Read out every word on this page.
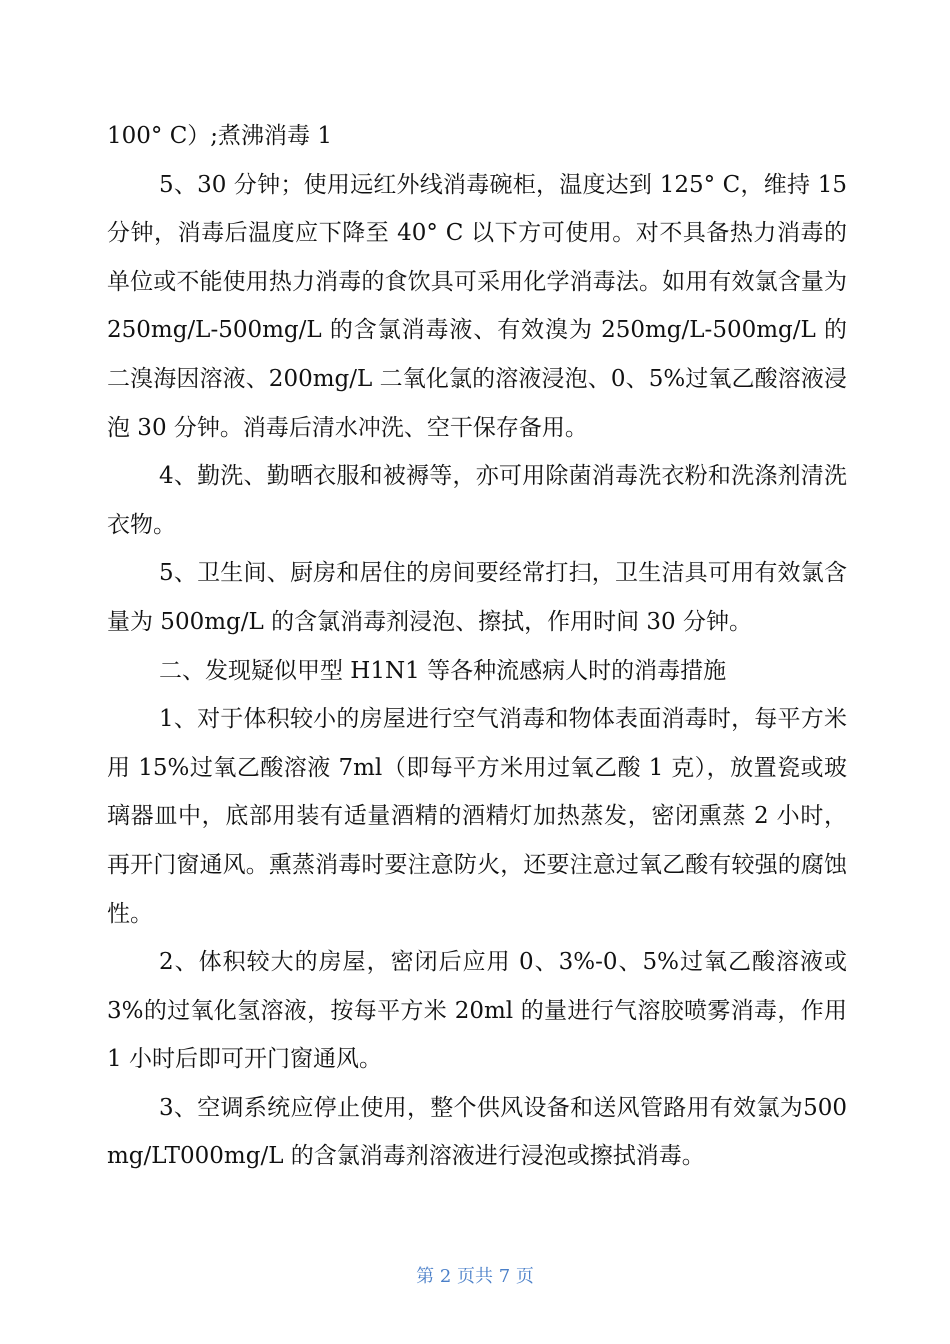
100° C）;煮沸消毒 1

5、30 分钟；使用远红外线消毒碗柜，温度达到 125° C，维持 15 分钟，消毒后温度应下降至 40° C 以下方可使用。对不具备热力消毒的单位或不能使用热力消毒的食饮具可采用化学消毒法。如用有效氯含量为 250mg/L-500mg/L 的含氯消毒液、有效溴为 250mg/L-500mg/L 的二溴海因溶液、200mg/L 二氧化氯的溶液浸泡、0、5%过氧乙酸溶液浸泡 30 分钟。消毒后清水冲洗、空干保存备用。

4、勤洗、勤晒衣服和被褥等，亦可用除菌消毒洗衣粉和洗涤剂清洗衣物。

5、卫生间、厨房和居住的房间要经常打扫，卫生洁具可用有效氯含量为 500mg/L 的含氯消毒剂浸泡、擦拭，作用时间 30 分钟。

二、发现疑似甲型 H1N1 等各种流感病人时的消毒措施

1、对于体积较小的房屋进行空气消毒和物体表面消毒时，每平方米用 15%过氧乙酸溶液 7ml（即每平方米用过氧乙酸 1 克），放置瓷或玻璃器皿中，底部用装有适量酒精的酒精灯加热蒸发，密闭熏蒸 2 小时，再开门窗通风。熏蒸消毒时要注意防火，还要注意过氧乙酸有较强的腐蚀性。

2、体积较大的房屋，密闭后应用 0、3%-0、5%过氧乙酸溶液或3%的过氧化氢溶液，按每平方米 20ml 的量进行气溶胶喷雾消毒，作用 1 小时后即可开门窗通风。

3、空调系统应停止使用，整个供风设备和送风管路用有效氯为500mg/LT000mg/L 的含氯消毒剂溶液进行浸泡或擦拭消毒。

第 2 页共 7 页
